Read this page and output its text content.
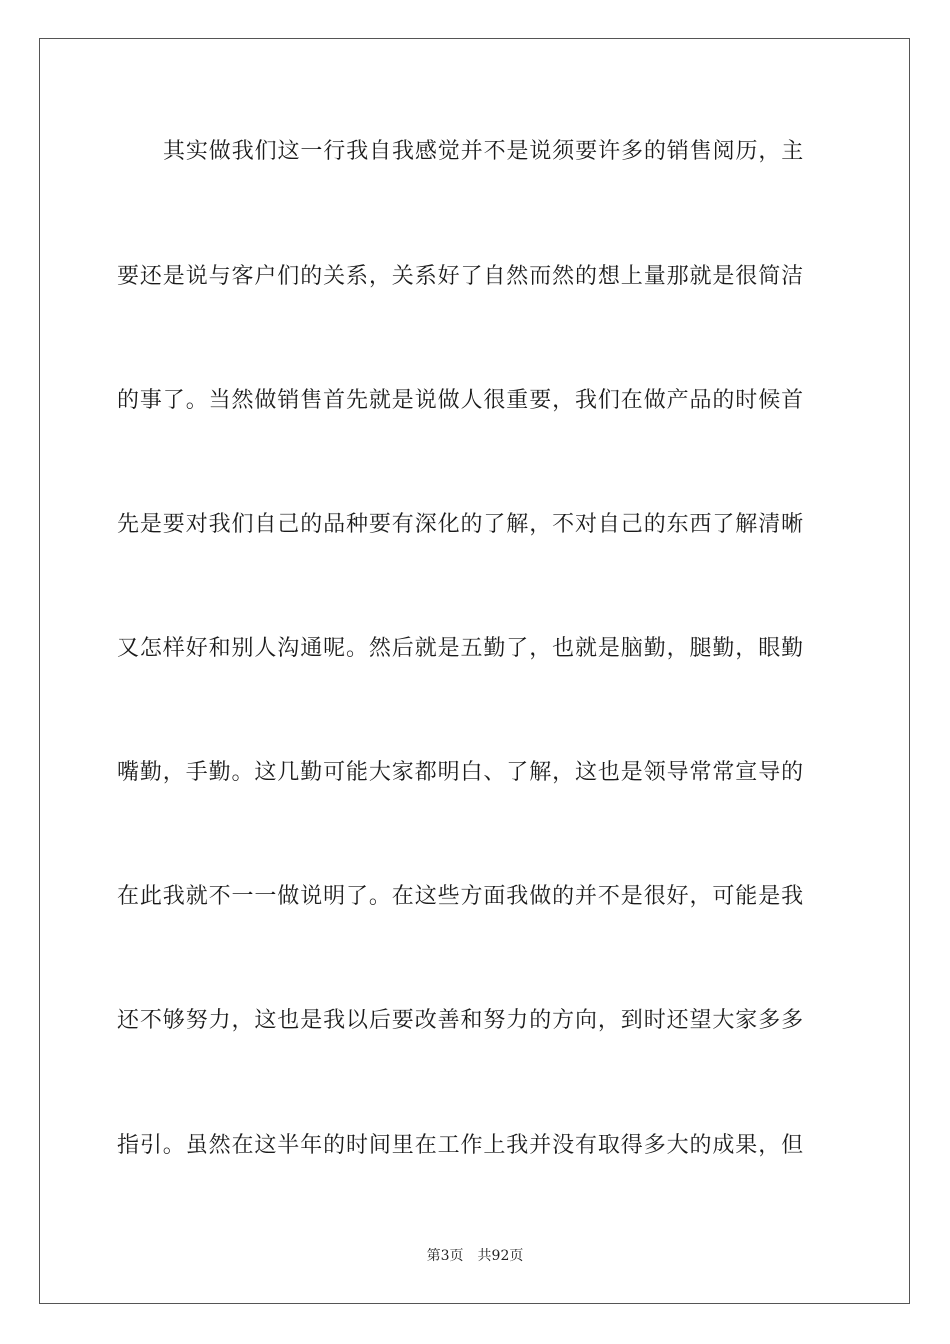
其实做我们这一行我自我感觉并不是说须要许多的销售阅历，主
要还是说与客户们的关系，关系好了自然而然的想上量那就是很简洁
的事了。当然做销售首先就是说做人很重要，我们在做产品的时候首
先是要对我们自己的品种要有深化的了解，不对自己的东西了解清晰
又怎样好和别人沟通呢。然后就是五勤了，也就是脑勤，腿勤，眼勤
嘴勤，手勤。这几勤可能大家都明白、了解，这也是领导常常宣导的
在此我就不一一做说明了。在这些方面我做的并不是很好，可能是我
还不够努力，这也是我以后要改善和努力的方向，到时还望大家多多
指引。虽然在这半年的时间里在工作上我并没有取得多大的成果，但
第3页 共92页
